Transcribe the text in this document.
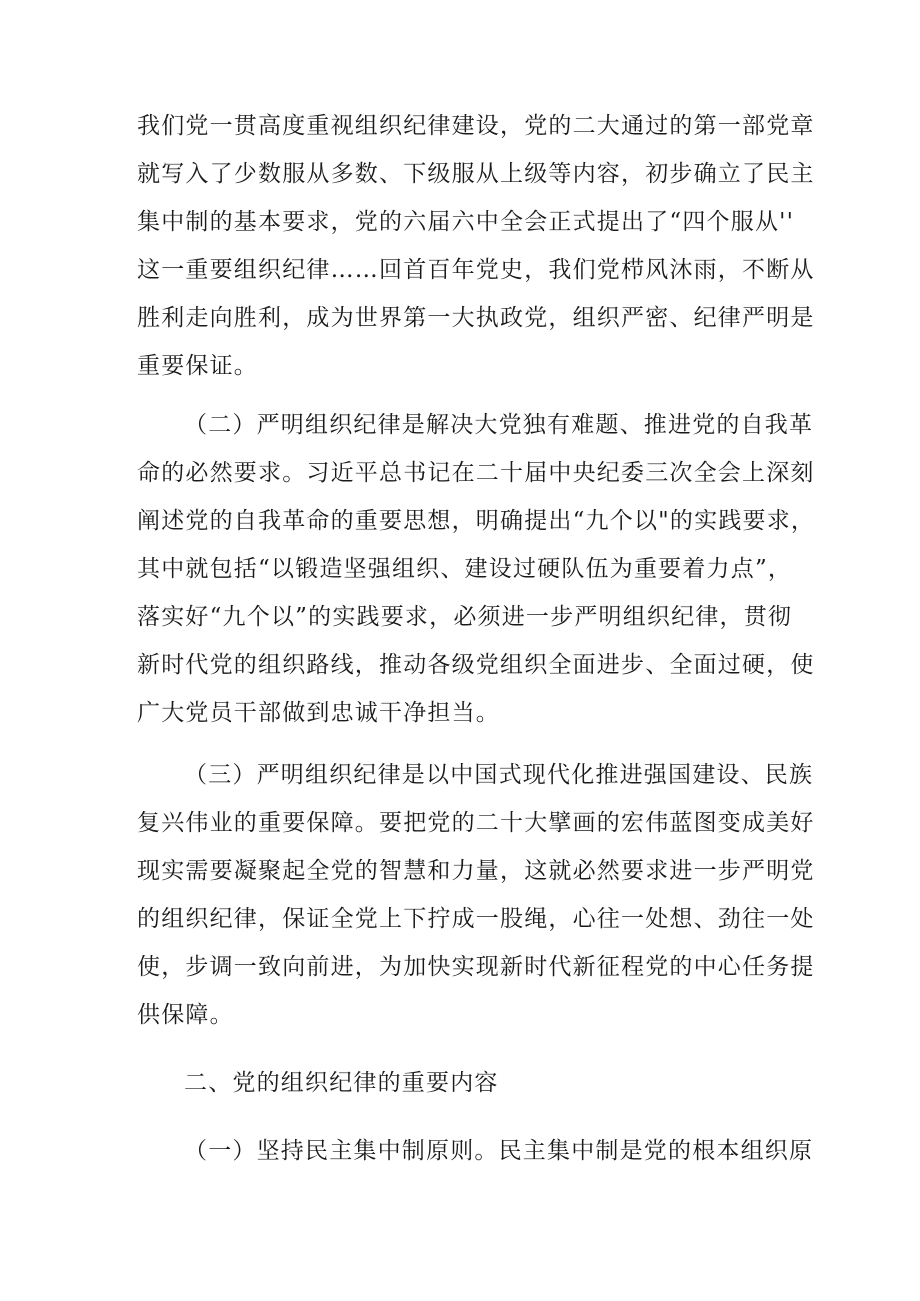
我们党一贯高度重视组织纪律建设，党的二大通过的第一部党章
就写入了少数服从多数、下级服从上级等内容，初步确立了民主
集中制的基本要求，党的六届六中全会正式提出了“四个服从''
这一重要组织纪律……回首百年党史，我们党栉风沐雨，不断从
胜利走向胜利，成为世界第一大执政党，组织严密、纪律严明是
重要保证。
（二）严明组织纪律是解决大党独有难题、推进党的自我革
命的必然要求。习近平总书记在二十届中央纪委三次全会上深刻
阐述党的自我革命的重要思想，明确提出“九个以"的实践要求，
其中就包括“以锻造坚强组织、建设过硬队伍为重要着力点”，
落实好“九个以”的实践要求，必须进一步严明组织纪律，贯彻
新时代党的组织路线，推动各级党组织全面进步、全面过硬，使
广大党员干部做到忠诚干净担当。
（三）严明组织纪律是以中国式现代化推进强国建设、民族
复兴伟业的重要保障。要把党的二十大擘画的宏伟蓝图变成美好
现实需要凝聚起全党的智慧和力量，这就必然要求进一步严明党
的组织纪律，保证全党上下拧成一股绳，心往一处想、劲往一处
使，步调一致向前进，为加快实现新时代新征程党的中心任务提
供保障。
二、党的组织纪律的重要内容
（一）坚持民主集中制原则。民主集中制是党的根本组织原
